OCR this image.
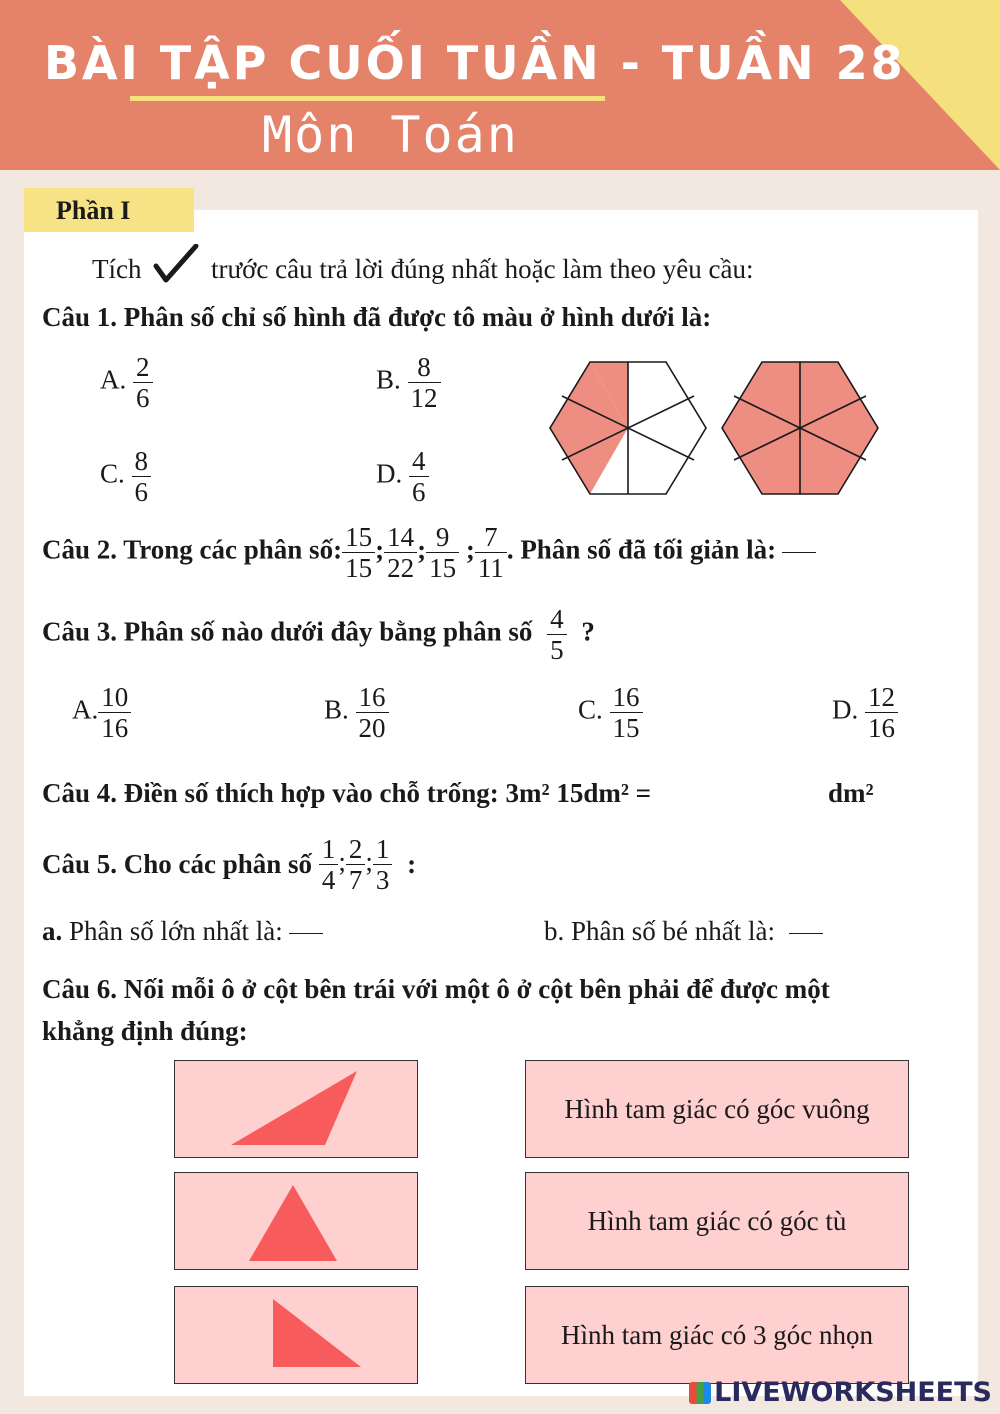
BÀI TẬP CUỐI TUẦN - TUẦN 28
Môn Toán
Phần I
Tích	trước câu trả lời đúng nhất hoặc làm theo yêu cầu:
Câu 1. Phân số chỉ số hình đã được tô màu ở hình dưới là:
A. $\frac{2}{6}$	B. $\frac{8}{12}$
C. $\frac{8}{6}$	D. $\frac{4}{6}$
Câu 2. Trong các phân số: $\frac{15}{15}$ ; $\frac{14}{22}$ ; $\frac{9}{15}$ ; $\frac{7}{11}$ . Phân số đã tối giản là:
Câu 3. Phân số nào dưới đây bằng phân số $\frac{4}{5}$ ?
A. $\frac{10}{16}$	B. $\frac{16}{20}$	C. $\frac{16}{15}$	D. $\frac{12}{16}$
Câu 4. Điền số thích hợp vào chỗ trống: 3m² 15dm² =	dm²
Câu 5. Cho các phân số $\frac{1}{4}$ ; $\frac{2}{7}$ ; $\frac{1}{3}$ :
a. Phân số lớn nhất là:	b. Phân số bé nhất là:
Câu 6. Nối mỗi ô ở cột bên trái với một ô ở cột bên phải để được một
khẳng định đúng:
Hình tam giác có góc vuông
Hình tam giác có góc tù
Hình tam giác có 3 góc nhọn
LIVEWORKSHEETS
